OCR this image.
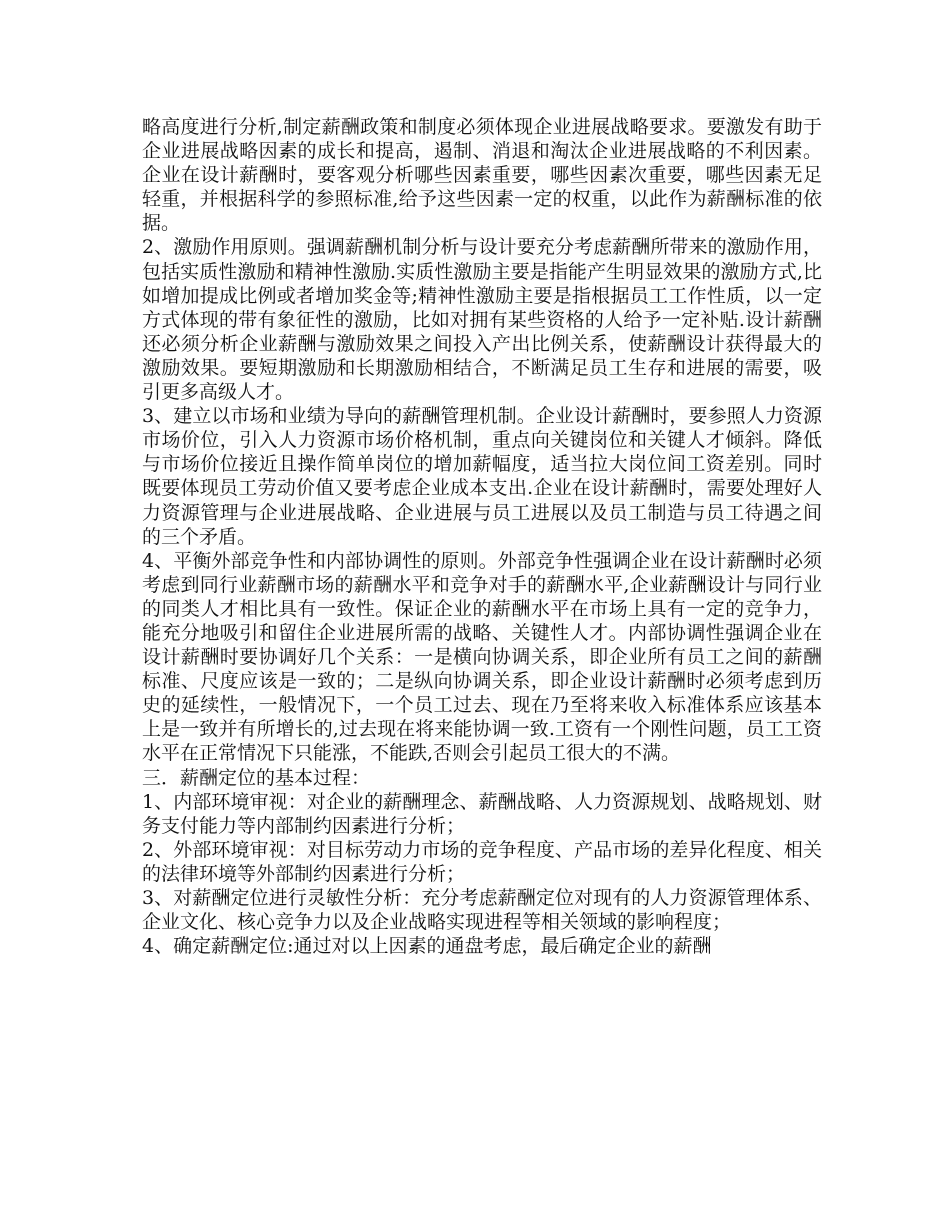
略高度进行分析,制定薪酬政策和制度必须体现企业进展战略要求。要激发有助于企业进展战略因素的成长和提高，遏制、消退和淘汰企业进展战略的不利因素。企业在设计薪酬时，要客观分析哪些因素重要，哪些因素次重要，哪些因素无足轻重，并根据科学的参照标准,给予这些因素一定的权重，以此作为薪酬标准的依据。

2、激励作用原则。强调薪酬机制分析与设计要充分考虑薪酬所带来的激励作用，包括实质性激励和精神性激励.实质性激励主要是指能产生明显效果的激励方式,比如增加提成比例或者增加奖金等;精神性激励主要是指根据员工工作性质，以一定方式体现的带有象征性的激励，比如对拥有某些资格的人给予一定补贴.设计薪酬还必须分析企业薪酬与激励效果之间投入产出比例关系，使薪酬设计获得最大的激励效果。要短期激励和长期激励相结合，不断满足员工生存和进展的需要，吸引更多高级人才。

3、建立以市场和业绩为导向的薪酬管理机制。企业设计薪酬时，要参照人力资源市场价位，引入人力资源市场价格机制，重点向关键岗位和关键人才倾斜。降低与市场价位接近且操作简单岗位的增加薪幅度，适当拉大岗位间工资差别。同时既要体现员工劳动价值又要考虑企业成本支出.企业在设计薪酬时，需要处理好人力资源管理与企业进展战略、企业进展与员工进展以及员工制造与员工待遇之间的三个矛盾。

4、平衡外部竞争性和内部协调性的原则。外部竞争性强调企业在设计薪酬时必须考虑到同行业薪酬市场的薪酬水平和竞争对手的薪酬水平,企业薪酬设计与同行业的同类人才相比具有一致性。保证企业的薪酬水平在市场上具有一定的竞争力，能充分地吸引和留住企业进展所需的战略、关键性人才。内部协调性强调企业在设计薪酬时要协调好几个关系：一是横向协调关系，即企业所有员工之间的薪酬标准、尺度应该是一致的；二是纵向协调关系，即企业设计薪酬时必须考虑到历史的延续性，一般情况下，一个员工过去、现在乃至将来收入标准体系应该基本上是一致并有所增长的,过去现在将来能协调一致.工资有一个刚性问题，员工工资水平在正常情况下只能涨，不能跌,否则会引起员工很大的不满。

三．薪酬定位的基本过程：

1、内部环境审视：对企业的薪酬理念、薪酬战略、人力资源规划、战略规划、财务支付能力等内部制约因素进行分析；

2、外部环境审视：对目标劳动力市场的竞争程度、产品市场的差异化程度、相关的法律环境等外部制约因素进行分析；

3、对薪酬定位进行灵敏性分析：充分考虑薪酬定位对现有的人力资源管理体系、企业文化、核心竞争力以及企业战略实现进程等相关领域的影响程度；

4、确定薪酬定位:通过对以上因素的通盘考虑，最后确定企业的薪酬
